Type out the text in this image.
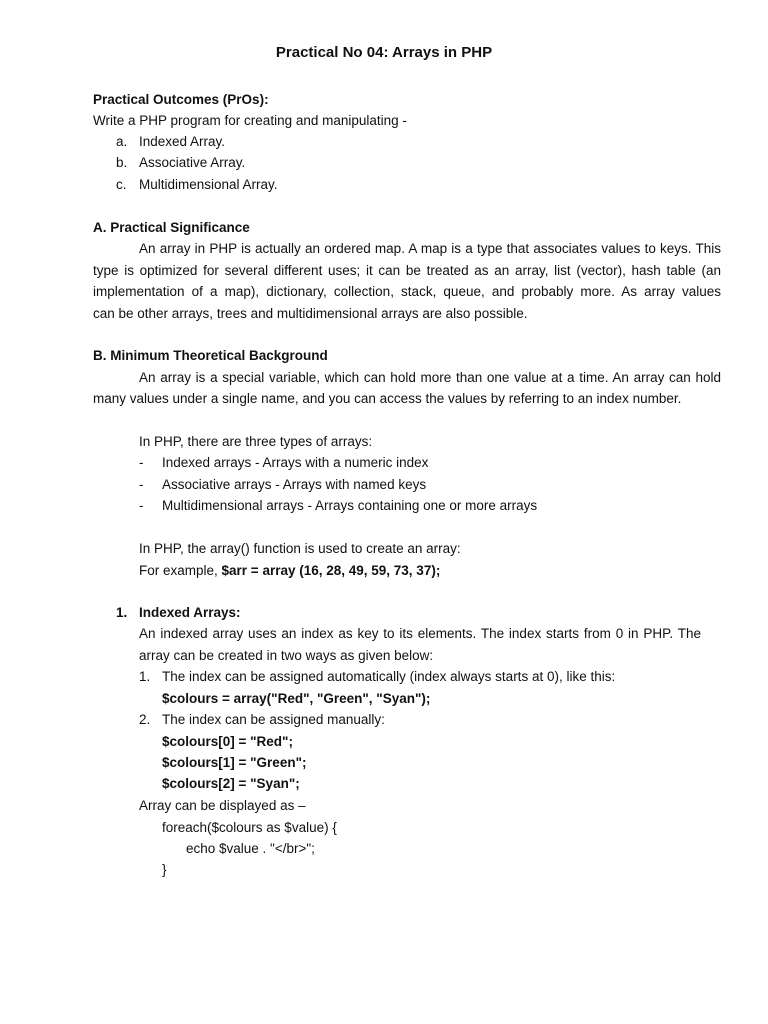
Practical No 04: Arrays in PHP
Practical Outcomes (PrOs):
Write a PHP program for creating and manipulating -
a. Indexed Array.
b. Associative Array.
c. Multidimensional Array.
A. Practical Significance
An array in PHP is actually an ordered map. A map is a type that associates values to keys. This
type is optimized for several different uses; it can be treated as an array, list (vector), hash table (an
implementation of a map), dictionary, collection, stack, queue, and probably more. As array values
can be other arrays, trees and multidimensional arrays are also possible.
B. Minimum Theoretical Background
An array is a special variable, which can hold more than one value at a time. An array can hold
many values under a single name, and you can access the values by referring to an index number.
In PHP, there are three types of arrays:
- Indexed arrays - Arrays with a numeric index
- Associative arrays - Arrays with named keys
- Multidimensional arrays - Arrays containing one or more arrays
In PHP, the array() function is used to create an array:
For example, $arr = array (16, 28, 49, 59, 73, 37);
1. Indexed Arrays:
An indexed array uses an index as key to its elements. The index starts from 0 in PHP. The
array can be created in two ways as given below:
1. The index can be assigned automatically (index always starts at 0), like this:
$colours = array("Red", "Green", "Syan");
2. The index can be assigned manually:
$colours[0] = "Red";
$colours[1] = "Green";
$colours[2] = "Syan";
Array can be displayed as –
foreach($colours as $value) {
echo $value . "</br>";
}
